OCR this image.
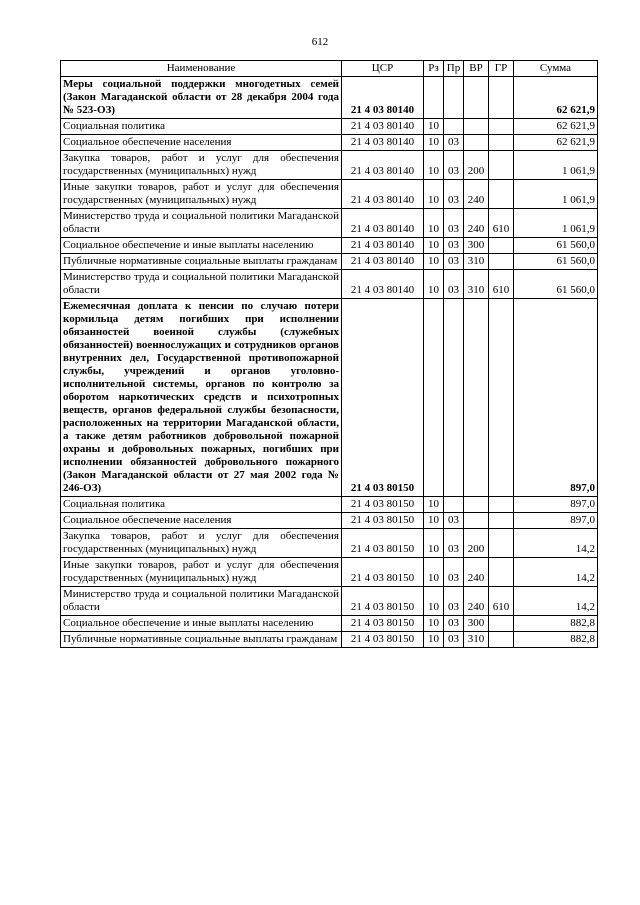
612
Наименование	ЦСР	Рз	Пр	ВР	ГР	Сумма
Меры социальной поддержки многодетных семей (Закон Магаданской области от 28 декабря 2004 года № 523-ОЗ)	21 4 03 80140					62 621,9
Социальная политика	21 4 03 80140	10				62 621,9
Социальное обеспечение населения	21 4 03 80140	10	03			62 621,9
Закупка товаров, работ и услуг для обеспечения государственных (муниципальных) нужд	21 4 03 80140	10	03	200		1 061,9
Иные закупки товаров, работ и услуг для обеспечения государственных (муниципальных) нужд	21 4 03 80140	10	03	240		1 061,9
Министерство труда и социальной политики Магаданской области	21 4 03 80140	10	03	240	610	1 061,9
Социальное обеспечение и иные выплаты населению	21 4 03 80140	10	03	300		61 560,0
Публичные нормативные социальные выплаты гражданам	21 4 03 80140	10	03	310		61 560,0
Министерство труда и социальной политики Магаданской области	21 4 03 80140	10	03	310	610	61 560,0
Ежемесячная доплата к пенсии по случаю потери кормильца детям погибших при исполнении обязанностей военной службы (служебных обязанностей) военнослужащих и сотрудников органов внутренних дел, Государственной противопожарной службы, учреждений и органов уголовно-исполнительной системы, органов по контролю за оборотом наркотических средств и психотропных веществ, органов федеральной службы безопасности, расположенных на территории Магаданской области, а также детям работников добровольной пожарной охраны и добровольных пожарных, погибших при исполнении обязанностей добровольного пожарного (Закон Магаданской области от 27 мая 2002 года № 246-ОЗ)	21 4 03 80150					897,0
Социальная политика	21 4 03 80150	10				897,0
Социальное обеспечение населения	21 4 03 80150	10	03			897,0
Закупка товаров, работ и услуг для обеспечения государственных (муниципальных) нужд	21 4 03 80150	10	03	200		14,2
Иные закупки товаров, работ и услуг для обеспечения государственных (муниципальных) нужд	21 4 03 80150	10	03	240		14,2
Министерство труда и социальной политики Магаданской области	21 4 03 80150	10	03	240	610	14,2
Социальное обеспечение и иные выплаты населению	21 4 03 80150	10	03	300		882,8
Публичные нормативные социальные выплаты гражданам	21 4 03 80150	10	03	310		882,8
